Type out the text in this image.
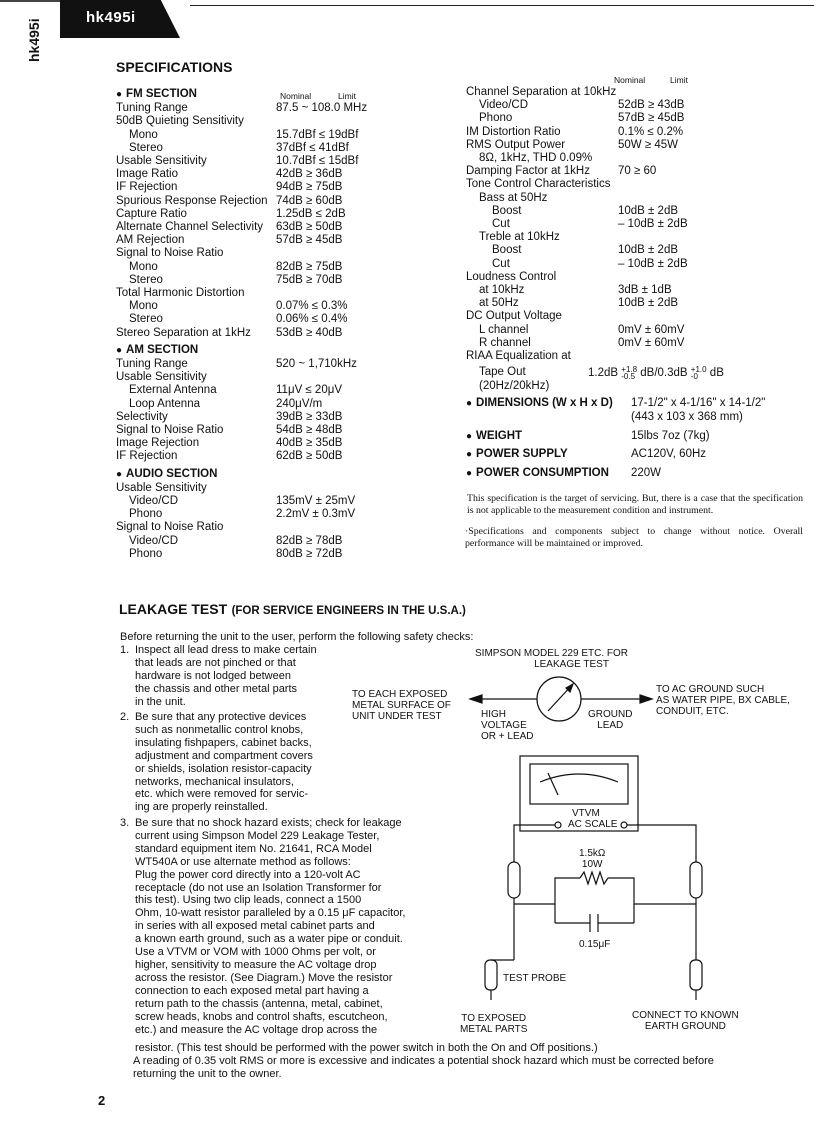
hk495i
hk495i
SPECIFICATIONS
Nominal	Limit
Nominal	Limit
● FM SECTION
Tuning Range	87.5 ~ 108.0 MHz
50dB Quieting Sensitivity
Mono	15.7dBf ≤ 19dBf
Stereo	37dBf ≤ 41dBf
Usable Sensitivity	10.7dBf ≤ 15dBf
Image Ratio	42dB ≥ 36dB
IF Rejection	94dB ≥ 75dB
Spurious Response Rejection 74dB ≥ 60dB
Capture Ratio	1.25dB ≤ 2dB
Alternate Channel Selectivity 63dB ≥ 50dB
AM Rejection	57dB ≥ 45dB
Signal to Noise Ratio
Mono	82dB ≥ 75dB
Stereo	75dB ≥ 70dB
Total Harmonic Distortion
Mono	0.07% ≤ 0.3%
Stereo	0.06% ≤ 0.4%
Stereo Separation at 1kHz 53dB ≥ 40dB
● AM SECTION
Tuning Range	520 ~ 1,710kHz
Usable Sensitivity
External Antenna	11μV ≤ 20μV
Loop Antenna	240μV/m
Selectivity	39dB ≥ 33dB
Signal to Noise Ratio	54dB ≥ 48dB
Image Rejection	40dB ≥ 35dB
IF Rejection	62dB ≥ 50dB
● AUDIO SECTION
Usable Sensitivity
Video/CD	135mV ± 25mV
Phono	2.2mV ± 0.3mV
Signal to Noise Ratio
Video/CD	82dB ≥ 78dB
Phono	80dB ≥ 72dB
Channel Separation at 10kHz
Video/CD	52dB ≥ 43dB
Phono	57dB ≥ 45dB
IM Distortion Ratio	0.1% ≤ 0.2%
RMS Output Power	50W ≥ 45W
8Ω, 1kHz, THD 0.09%
Damping Factor at 1kHz 70 ≥ 60
Tone Control Characteristics
Bass at 50Hz
Boost	10dB ± 2dB
Cut	– 10dB ± 2dB
Treble at 10kHz
Boost	10dB ± 2dB
Cut	– 10dB ± 2dB
Loudness Control
at 10kHz	3dB ± 1dB
at 50Hz	10dB ± 2dB
DC Output Voltage
L channel	0mV ± 60mV
R channel	0mV ± 60mV
RIAA Equalization at
Tape Out	1.2dB +1.8
-0.5 dB/0.3dB +1.0
-0	dB
(20Hz/20kHz)
● DIMENSIONS (W x H x D) 17-1/2" x 4-1/16" x 14-1/2"
(443 x 103 x 368 mm)
● WEIGHT	15lbs 7oz (7kg)
● POWER SUPPLY	AC120V, 60Hz
● POWER CONSUMPTION 220W
This specification is the target of servicing. But, there is a case that the specification is not applicable to the measurement condition and instrument.
·Specifications and components subject to change without notice. Overall performance will be maintained or improved.
LEAKAGE TEST (FOR SERVICE ENGINEERS IN THE U.S.A.)
Before returning the unit to the user, perform the following safety checks:
1. Inspect all lead dress to make certain
that leads are not pinched or that
hardware is not lodged between
the chassis and other metal parts
in the unit.
2. Be sure that any protective devices
such as nonmetallic control knobs,
insulating fishpapers, cabinet backs,
adjustment and compartment covers
or shields, isolation resistor-capacity
networks, mechanical insulators,
etc. which were removed for servic-
ing are properly reinstalled.
3. Be sure that no shock hazard exists; check for leakage
current using Simpson Model 229 Leakage Tester,
standard equipment item No. 21641, RCA Model
WT540A or use alternate method as follows:
Plug the power cord directly into a 120-volt AC
receptacle (do not use an Isolation Transformer for
this test). Using two clip leads, connect a 1500
Ohm, 10-watt resistor paralleled by a 0.15 μF capacitor,
in series with all exposed metal cabinet parts and
a known earth ground, such as a water pipe or conduit.
Use a VTVM or VOM with 1000 Ohms per volt, or
higher, sensitivity to measure the AC voltage drop
across the resistor. (See Diagram.) Move the resistor
connection to each exposed metal part having a
return path to the chassis (antenna, metal, cabinet,
screw heads, knobs and control shafts, escutcheon,
etc.) and measure the AC voltage drop across the
resistor. (This test should be performed with the power switch in both the On and Off positions.)
A reading of 0.35 volt RMS or more is excessive and indicates a potential shock hazard which must be corrected before
returning the unit to the owner.
SIMPSON MODEL 229 ETC. FOR
LEAKAGE TEST
TO EACH EXPOSED
METAL SURFACE OF
UNIT UNDER TEST
TO AC GROUND SUCH
AS WATER PIPE, BX CABLE,
CONDUIT, ETC.
HIGH
VOLTAGE
OR + LEAD
GROUND
LEAD
VTVM
AC SCALE
1.5kΩ
10W
0.15μF
TEST PROBE
TO EXPOSED
METAL PARTS
CONNECT TO KNOWN
EARTH GROUND
2
